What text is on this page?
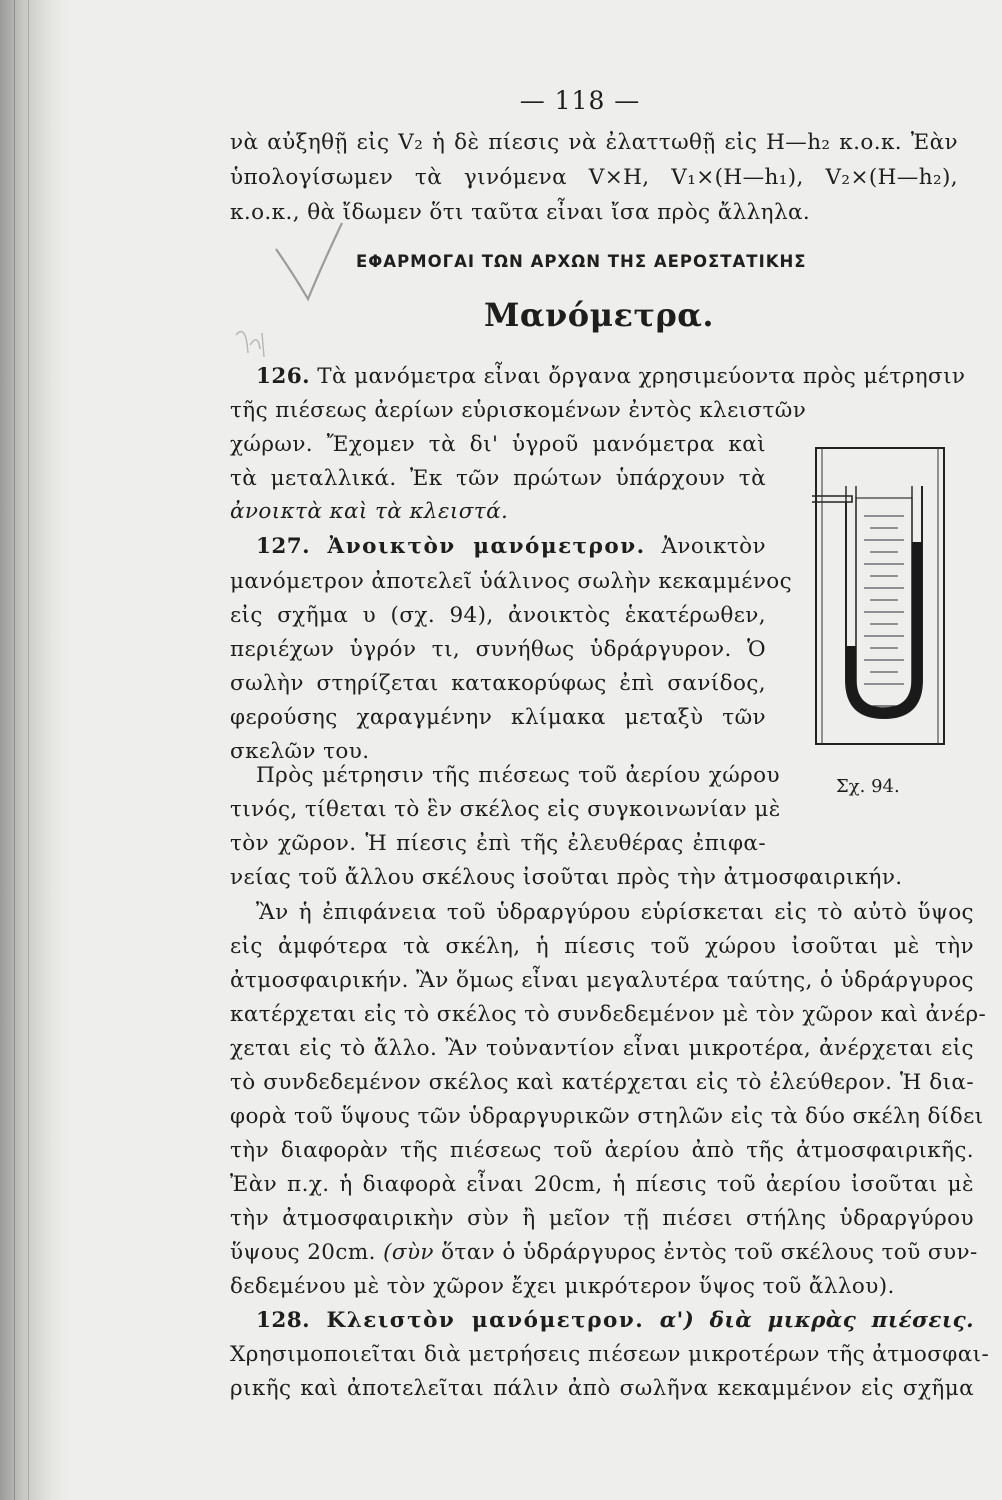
— 118 —
νὰ αὐξηθῇ εἰς V₂ ἡ δὲ πίεσις νὰ ἐλαττωθῇ εἰς H—h₂ κ.ο.κ. Ἐὰν
ὑπολογίσωμεν τὰ γινόμενα V×H, V₁×(H—h₁), V₂×(H—h₂),
κ.ο.κ., θὰ ἴδωμεν ὅτι ταῦτα εἶναι ἴσα πρὸς ἄλληλα.
ΕΦΑΡΜΟΓΑΙ ΤΩΝ ΑΡΧΩΝ ΤΗΣ ΑΕΡΟΣΤΑΤΙΚΗΣ
Μανόμετρα.
126. Τὰ μανόμετρα εἶναι ὄργανα χρησιμεύοντα πρὸς μέτρησιν
τῆς πιέσεως ἀερίων εὑρισκομένων ἐντὸς κλειστῶν
χώρων. Ἔχομεν τὰ δι' ὑγροῦ μανόμετρα καὶ
τὰ μεταλλικά. Ἐκ τῶν πρώτων ὑπάρχουν τὰ
ἀνοικτὰ καὶ τὰ κλειστά.
127. Ἀνοικτὸν μανόμετρον. Ἀνοικτὸν
μανόμετρον ἀποτελεῖ ὑάλινος σωλὴν κεκαμμένος
εἰς σχῆμα υ (σχ. 94), ἀνοικτὸς ἑκατέρωθεν,
περιέχων ὑγρόν τι, συνήθως ὑδράργυρον. Ὁ
σωλὴν στηρίζεται κατακορύφως ἐπὶ σανίδος,
φερούσης χαραγμένην κλίμακα μεταξὺ τῶν
σκελῶν του.
Σχ. 94.
Πρὸς μέτρησιν τῆς πιέσεως τοῦ ἀερίου χώρου
τινός, τίθεται τὸ ἓν σκέλος εἰς συγκοινωνίαν μὲ
τὸν χῶρον. Ἡ πίεσις ἐπὶ τῆς ἐλευθέρας ἐπιφα-
νείας τοῦ ἄλλου σκέλους ἰσοῦται πρὸς τὴν ἀτμοσφαιρικήν.
Ἂν ἡ ἐπιφάνεια τοῦ ὑδραργύρου εὑρίσκεται εἰς τὸ αὐτὸ ὕψος
εἰς ἀμφότερα τὰ σκέλη, ἡ πίεσις τοῦ χώρου ἰσοῦται μὲ τὴν
ἀτμοσφαιρικήν. Ἂν ὅμως εἶναι μεγαλυτέρα ταύτης, ὁ ὑδράργυρος
κατέρχεται εἰς τὸ σκέλος τὸ συνδεδεμένον μὲ τὸν χῶρον καὶ ἀνέρ-
χεται εἰς τὸ ἄλλο. Ἂν τοὐναντίον εἶναι μικροτέρα, ἀνέρχεται εἰς
τὸ συνδεδεμένον σκέλος καὶ κατέρχεται εἰς τὸ ἐλεύθερον. Ἡ δια-
φορὰ τοῦ ὕψους τῶν ὑδραργυρικῶν στηλῶν εἰς τὰ δύο σκέλη δίδει
τὴν διαφορὰν τῆς πιέσεως τοῦ ἀερίου ἀπὸ τῆς ἀτμοσφαιρικῆς.
Ἐὰν π.χ. ἡ διαφορὰ εἶναι 20cm, ἡ πίεσις τοῦ ἀερίου ἰσοῦται μὲ
τὴν ἀτμοσφαιρικὴν σὺν ἢ μεῖον τῇ πιέσει στήλης ὑδραργύρου
ὕψους 20cm. (σὺν ὅταν ὁ ὑδράργυρος ἐντὸς τοῦ σκέλους τοῦ συν-
δεδεμένου μὲ τὸν χῶρον ἔχει μικρότερον ὕψος τοῦ ἄλλου).
128. Κλειστὸν μανόμετρον. α') διὰ μικρὰς πιέσεις.
Χρησιμοποιεῖται διὰ μετρήσεις πιέσεων μικροτέρων τῆς ἀτμοσφαι-
ρικῆς καὶ ἀποτελεῖται πάλιν ἀπὸ σωλῆνα κεκαμμένον εἰς σχῆμα
